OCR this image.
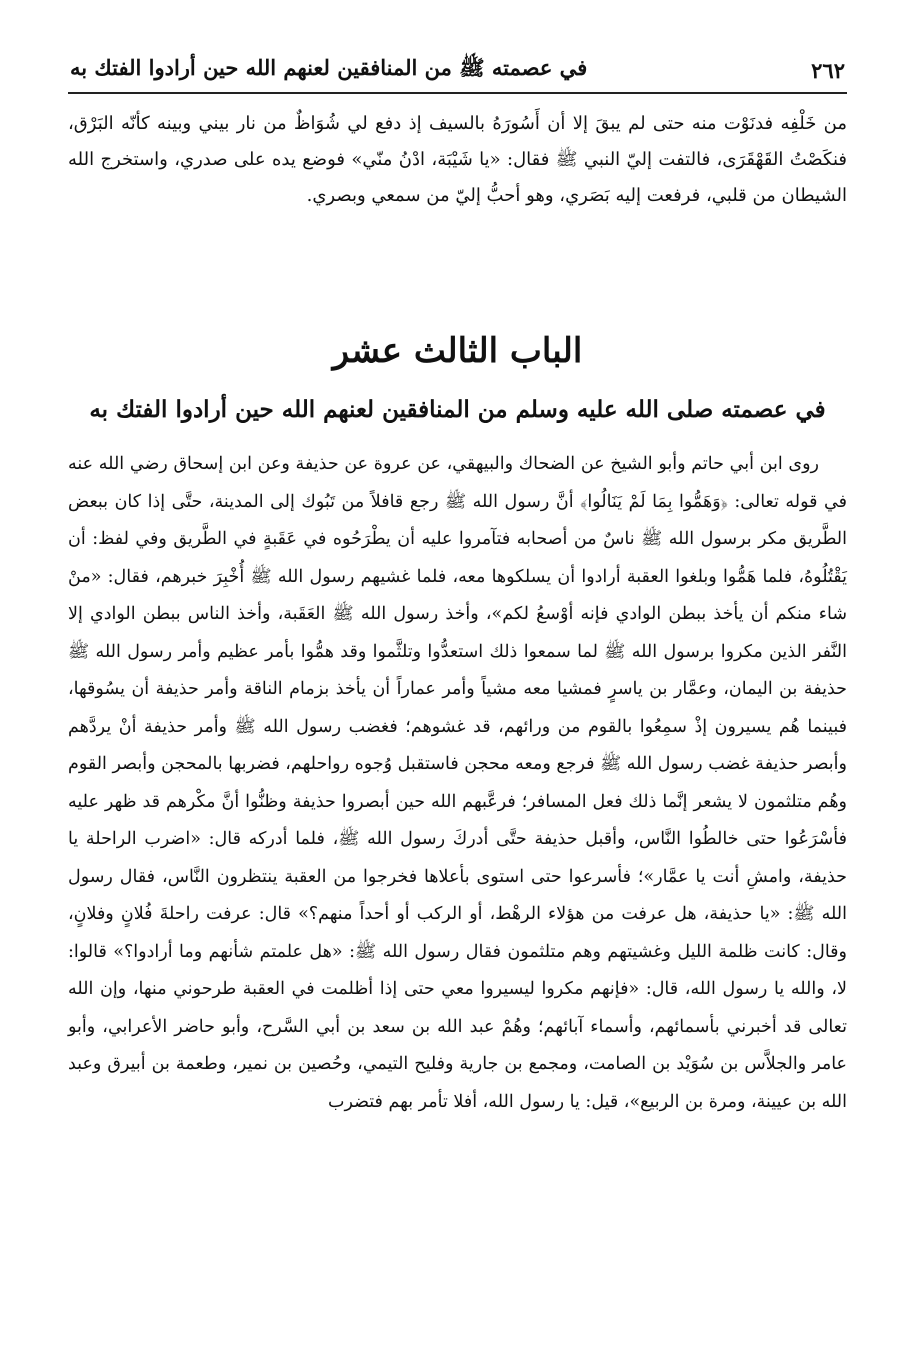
٢٦٢
في عصمته ﷺ من المنافقين لعنهم الله حين أرادوا الفتك به

من خَلْفِه فدنَوْت منه حتى لم يبقَ إلا أن أَسُورَهُ بالسيف إذ دفع لي شُوَاظٌ من نار بيني وبينه كأنّه البَرْق، فنكَصْتُ القَهْقَرَى، فالتفت إليّ النبي ﷺ فقال: «يا شَيْبَة، ادْنُ منّي» فوضع يده على صدري، واستخرج الله الشيطان من قلبي، فرفعت إليه بَصَري، وهو أحبُّ إليّ من سمعي وبصري.

الباب الثالث عشر
في عصمته صلى الله عليه وسلم من المنافقين لعنهم الله حين أرادوا الفتك به

روى ابن أبي حاتم وأبو الشيخ عن الضحاك والبيهقي، عن عروة عن حذيفة وعن ابن إسحاق رضي الله عنه في قوله تعالى: ﴿وَهَمُّوا بِمَا لَمْ يَنَالُوا﴾ أنَّ رسول الله ﷺ رجع قافلاً من تَبُوك إلى المدينة، حتَّى إذا كان ببعض الطَّريق مكر برسول الله ﷺ ناسٌ من أصحابه فتآمروا عليه أن يطْرَحُوه في عَقَبةٍ في الطَّريق وفي لفظ: أن يَقْتُلُوهُ، فلما هَمُّوا وبلغوا العقبة أرادوا أن يسلكوها معه، فلما غشيهم رسول الله ﷺ أُخْبِرَ خبرهم، فقال: «منْ شاء منكم أن يأخذ ببطن الوادي فإنه أوْسعُ لكم»، وأخذ رسول الله ﷺ العَقَبة، وأخذ الناس ببطن الوادي إلا النَّفر الذين مكروا برسول الله ﷺ لما سمعوا ذلك استعدُّوا وتلثَّموا وقد همُّوا بأمر عظيم وأمر رسول الله ﷺ حذيفة بن اليمان، وعمَّار بن ياسرٍ فمشيا معه مشياً وأمر عماراً أن يأخذ بزمام الناقة وأمر حذيفة أن يسُوقها، فبينما هُم يسيرون إذْ سمِعُوا بالقوم من ورائهم، قد غشوهم؛ فغضب رسول الله ﷺ وأمر حذيفة أنْ يردَّهم وأبصر حذيفة غضب رسول الله ﷺ فرجع ومعه محجن فاستقبل وُجوه رواحلهم، فضربها بالمحجن وأبصر القوم وهُم متلثمون لا يشعر إنَّما ذلك فعل المسافر؛ فرعَّبهم الله حين أبصروا حذيفة وظنُّوا أنَّ مكْرهم قد ظهر عليه فأسْرَعُوا حتى خالطُوا النَّاس، وأقبل حذيفة حتَّى أدركَ رسول الله ﷺ، فلما أدركه قال: «اضرب الراحلة يا حذيفة، وامشِ أنت يا عمَّار»؛ فأسرعوا حتى استوى بأعلاها فخرجوا من العقبة ينتظرون النَّاس، فقال رسول الله ﷺ: «يا حذيفة، هل عرفت من هؤلاء الرهْط، أو الركب أو أحداً منهم؟» قال: عرفت راحلةَ فُلانٍ وفلانٍ، وقال: كانت ظلمة الليل وغشيتهم وهم متلثمون فقال رسول الله ﷺ: «هل علمتم شأنهم وما أرادوا؟» قالوا: لا، والله يا رسول الله، قال: «فإنهم مكروا ليسيروا معي حتى إذا أظلمت في العقبة طرحوني منها، وإن الله تعالى قد أخبرني بأسمائهم، وأسماء آبائهم؛ وهُمْ عبد الله بن سعد بن أبي السَّرح، وأبو حاضر الأعرابي، وأبو عامر والجلاَّس بن سُوَيْد بن الصامت، ومجمع بن جارية وفليح التيمي، وحُصين بن نمير، وطعمة بن أبيرق وعبد الله بن عيينة، ومرة بن الربيع»، قيل: يا رسول الله، أفلا تأمر بهم فتضرب
